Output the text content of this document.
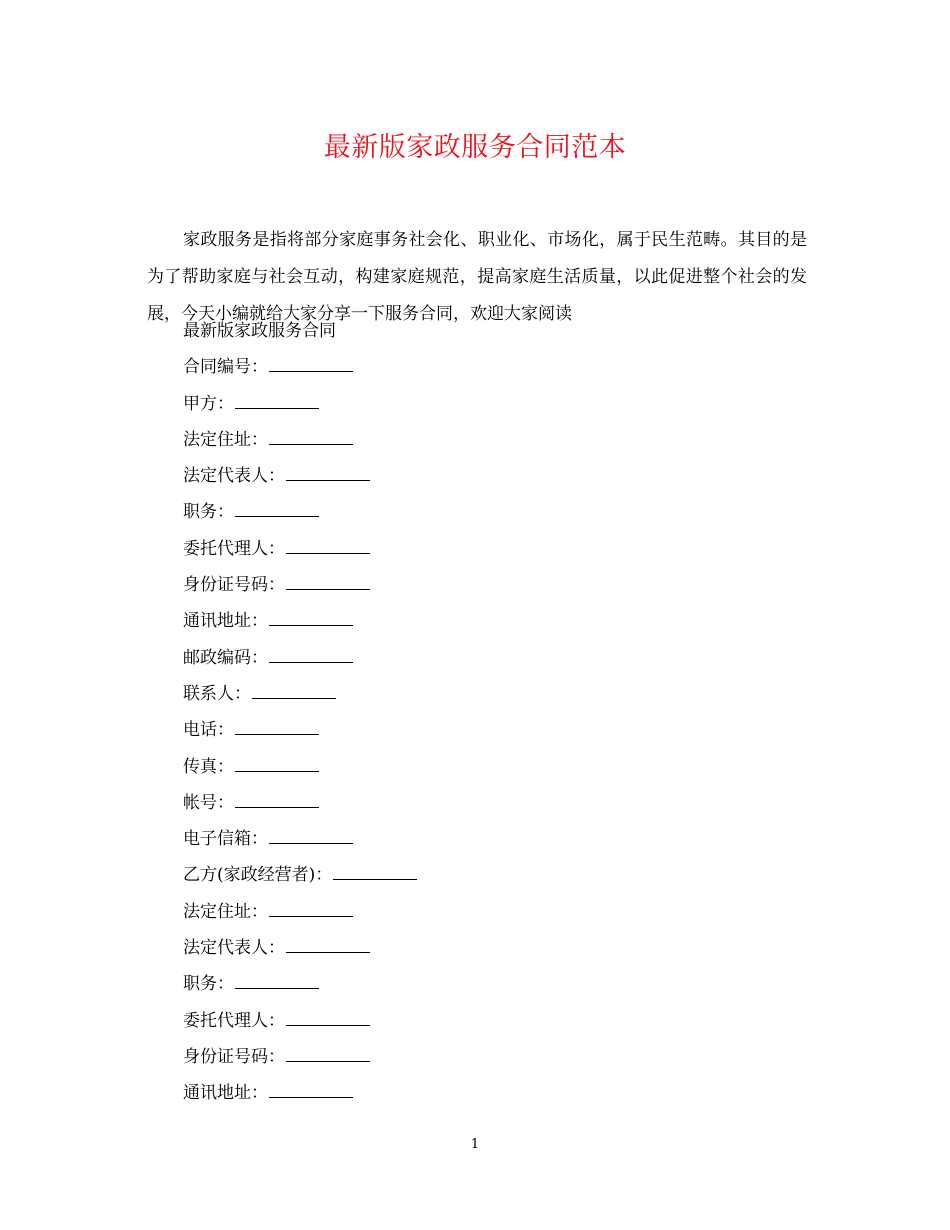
最新版家政服务合同范本

家政服务是指将部分家庭事务社会化、职业化、市场化，属于民生范畴。其目的是为了帮助家庭与社会互动，构建家庭规范，提高家庭生活质量，以此促进整个社会的发展，今天小编就给大家分享一下服务合同，欢迎大家阅读

最新版家政服务合同
合同编号：
甲方：
法定住址：
法定代表人：
职务：
委托代理人：
身份证号码：
通讯地址：
邮政编码：
联系人：
电话：
传真：
帐号：
电子信箱：
乙方(家政经营者)：
法定住址：
法定代表人：
职务：
委托代理人：
身份证号码：
通讯地址：
1
